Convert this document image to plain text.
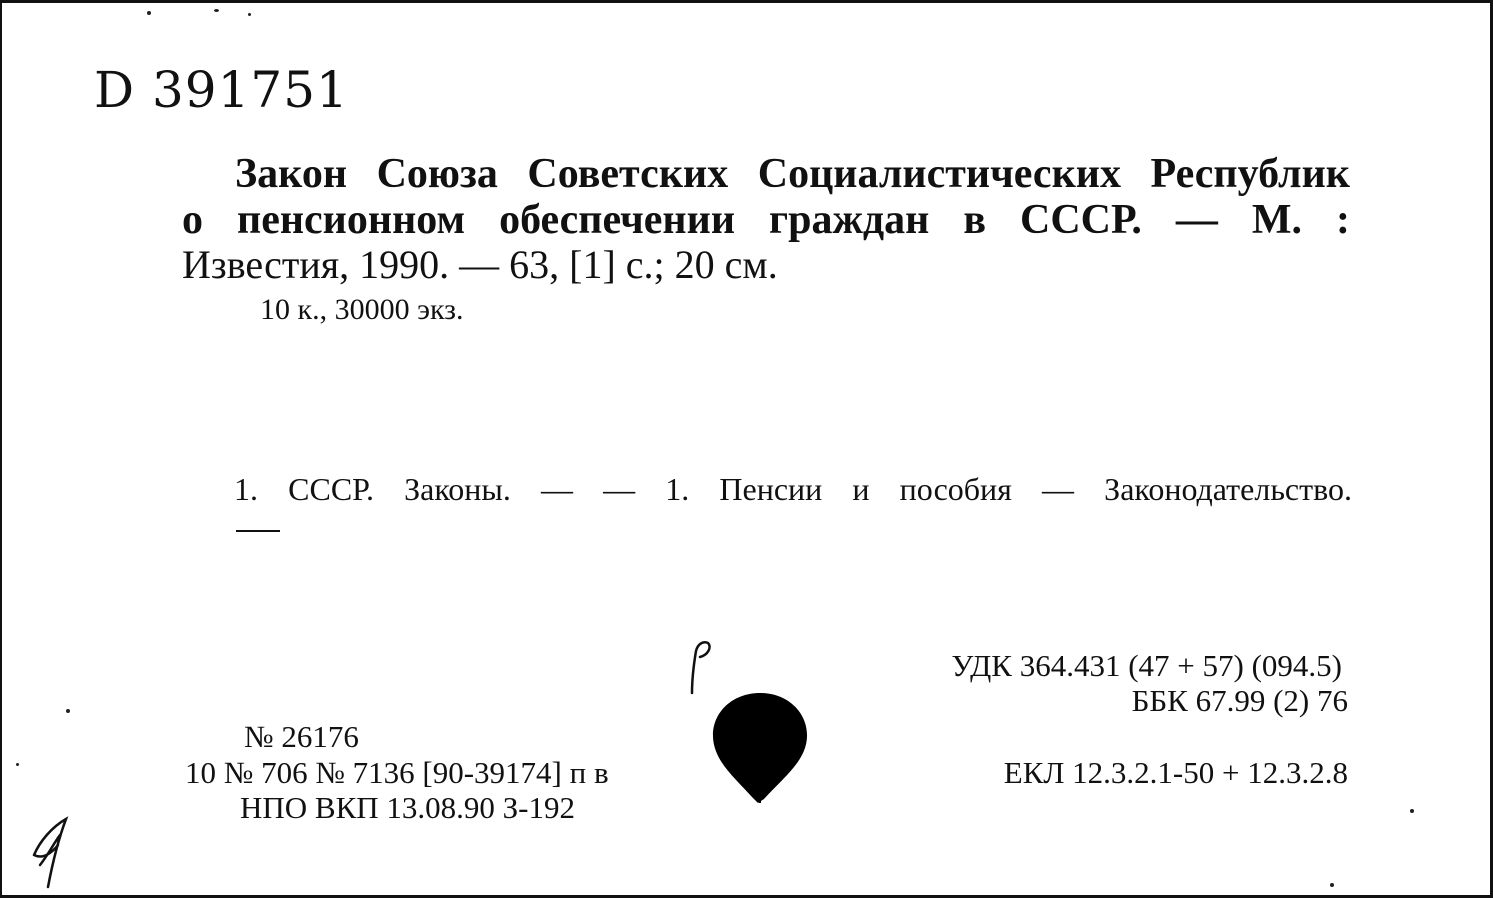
D 391751
Закон Союза Советских Социалистических Республик
о пенсионном обеспечении граждан в СССР. — М. :
Известия, 1990. — 63, [1] с.; 20 см.
10 к., 30000 экз.
1. СССР. Законы. — — 1. Пенсии и пособия — Законодательство.
УДК 364.431 (47 + 57) (094.5)
ББК 67.99 (2) 76
ЕКЛ 12.3.2.1-50 + 12.3.2.8
№ 26176
10 № 706 № 7136 [90-39174] п в
НПО ВКП 13.08.90 З-192
